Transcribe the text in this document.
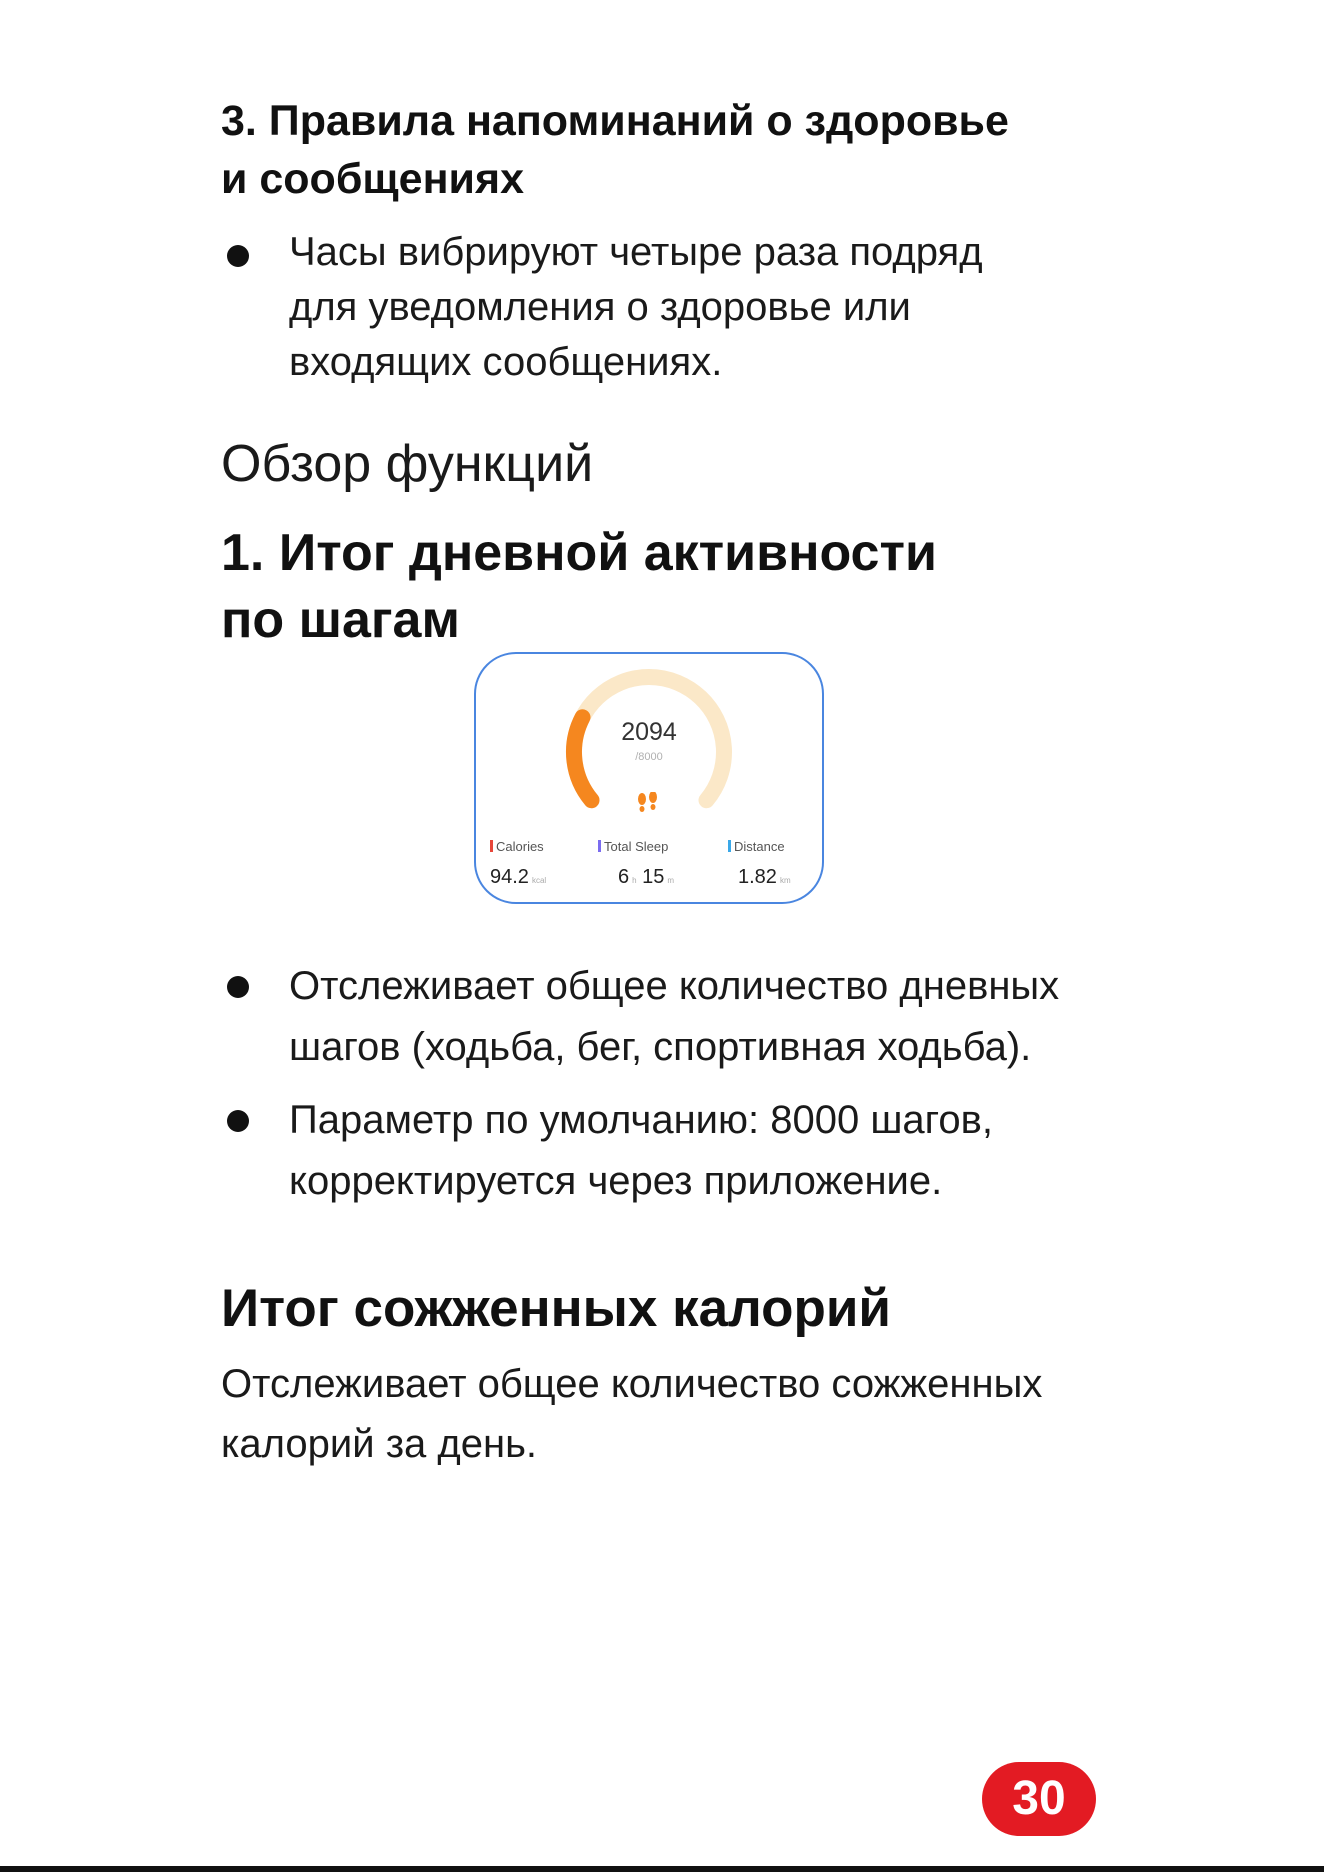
3. Правила напоминаний о здоровье
и сообщениях
Часы вибрируют четыре раза подряд
для уведомления о здоровье или
входящих сообщениях.
Обзор функций
1. Итог дневной активности
по шагам
2094
/8000
Calories	Total Sleep	Distance
94.2 kcal	6 h 15 m	1.82 km
Отслеживает общее количество дневных
шагов (ходьба, бег, спортивная ходьба).
Параметр по умолчанию: 8000 шагов,
корректируется через приложение.
Итог сожженных калорий
Отслеживает общее количество сожженных
калорий за день.
30
